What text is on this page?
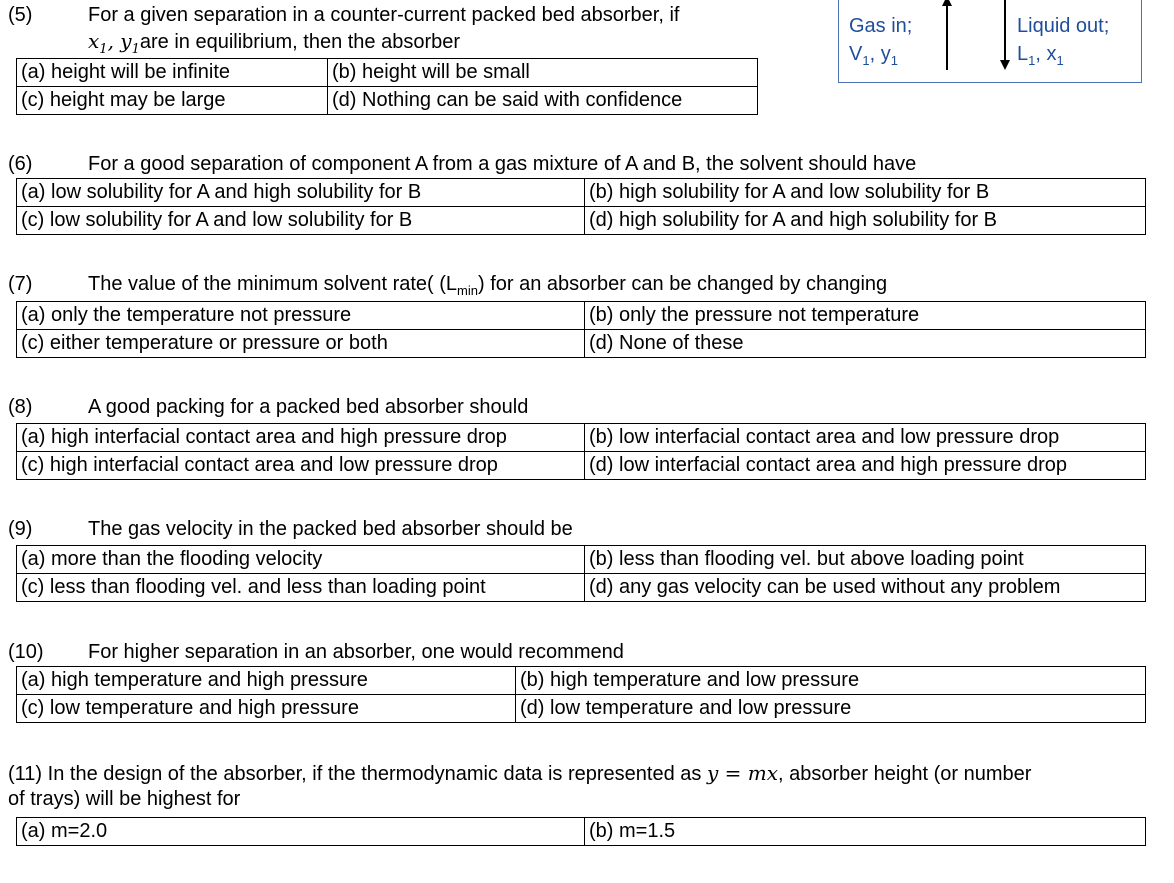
Gas in;
$V_1$, $y_1$
Liquid out;
$L_1$, $x_1$
(5)	For a given separation in a counter-current packed bed absorber, if
$x_1$, $y_1are$ in equilibrium, then the absorber
(a) height will be infinite	(b) height will be small
(c) height may be large	(d) Nothing can be said with confidence
(6)	For a good separation of component A from a gas mixture of A and B, the solvent should have
(a) low solubility for A and high solubility for B	(b) high solubility for A and low solubility for B
(c) low solubility for A and low solubility for B	(d) high solubility for A and high solubility for B
(7)	The value of the minimum solvent rate( $(L_{min})$ for an absorber can be changed by changing
(a) only the temperature not pressure	(b) only the pressure not temperature
(c) either temperature or pressure or both	(d) None of these
(8)	A good packing for a packed bed absorber should
(a) high interfacial contact area and high pressure drop	(b) low interfacial contact area and low pressure drop
(c) high interfacial contact area and low pressure drop	(d) low interfacial contact area and high pressure drop
(9)	The gas velocity in the packed bed absorber should be
(a) more than the flooding velocity	(b) less than flooding vel. but above loading point
(c) less than flooding vel. and less than loading point	(d) any gas velocity can be used without any problem
(10) For higher separation in an absorber, one would recommend
(a) high temperature and high pressure	(b) high temperature and low pressure
(c) low temperature and high pressure	(d) low temperature and low pressure
(11) In the design of the absorber, if the thermodynamic data is represented as y = mx, absorber height (or number
of trays) will be highest for
(a) m=2.0	(b) m=1.5
